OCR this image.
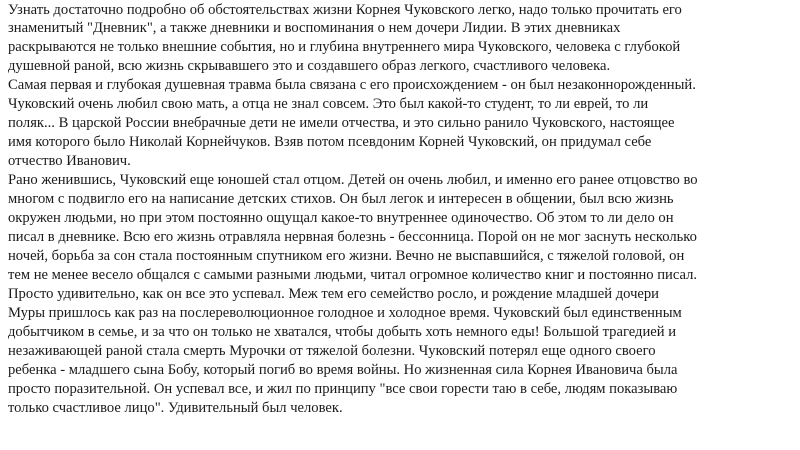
Узнать достаточно подробно об обстоятельствах жизни Корнея Чуковского легко, надо только прочитать его
знаменитый "Дневник", а также дневники и воспоминания о нем дочери Лидии. В этих дневниках
раскрываются не только внешние события, но и глубина внутреннего мира Чуковского, человека с глубокой
душевной раной, всю жизнь скрывавшего это и создавшего образ легкого, счастливого человека.
Самая первая и глубокая душевная травма была связана с его происхождением - он был незаконнорожденный.
Чуковский очень любил свою мать, а отца не знал совсем. Это был какой-то студент, то ли еврей, то ли
поляк... В царской России внебрачные дети не имели отчества, и это сильно ранило Чуковского, настоящее
имя которого было Николай Корнейчуков. Взяв потом псевдоним Корней Чуковский, он придумал себе
отчество Иванович.
Рано женившись, Чуковский еще юношей стал отцом. Детей он очень любил, и именно его ранее отцовство во
многом с подвигло его на написание детских стихов. Он был легок и интересен в общении, был всю жизнь
окружен людьми, но при этом постоянно ощущал какое-то внутреннее одиночество. Об этом то ли дело он
писал в дневнике. Всю его жизнь отравляла нервная болезнь - бессонница. Порой он не мог заснуть несколько
ночей, борьба за сон стала постоянным спутником его жизни. Вечно не выспавшийся, с тяжелой головой, он
тем не менее весело общался с самыми разными людьми, читал огромное количество книг и постоянно писал.
Просто удивительно, как он все это успевал. Меж тем его семейство росло, и рождение младшей дочери
Муры пришлось как раз на послереволюционное голодное и холодное время. Чуковский был единственным
добытчиком в семье, и за что он только не хватался, чтобы добыть хоть немного еды! Большой трагедией и
незаживающей раной стала смерть Мурочки от тяжелой болезни. Чуковский потерял еще одного своего
ребенка - младшего сына Бобу, который погиб во время войны. Но жизненная сила Корнея Ивановича была
просто поразительной. Он успевал все, и жил по принципу "все свои горести таю в себе, людям показываю
только счастливое лицо". Удивительный был человек.
